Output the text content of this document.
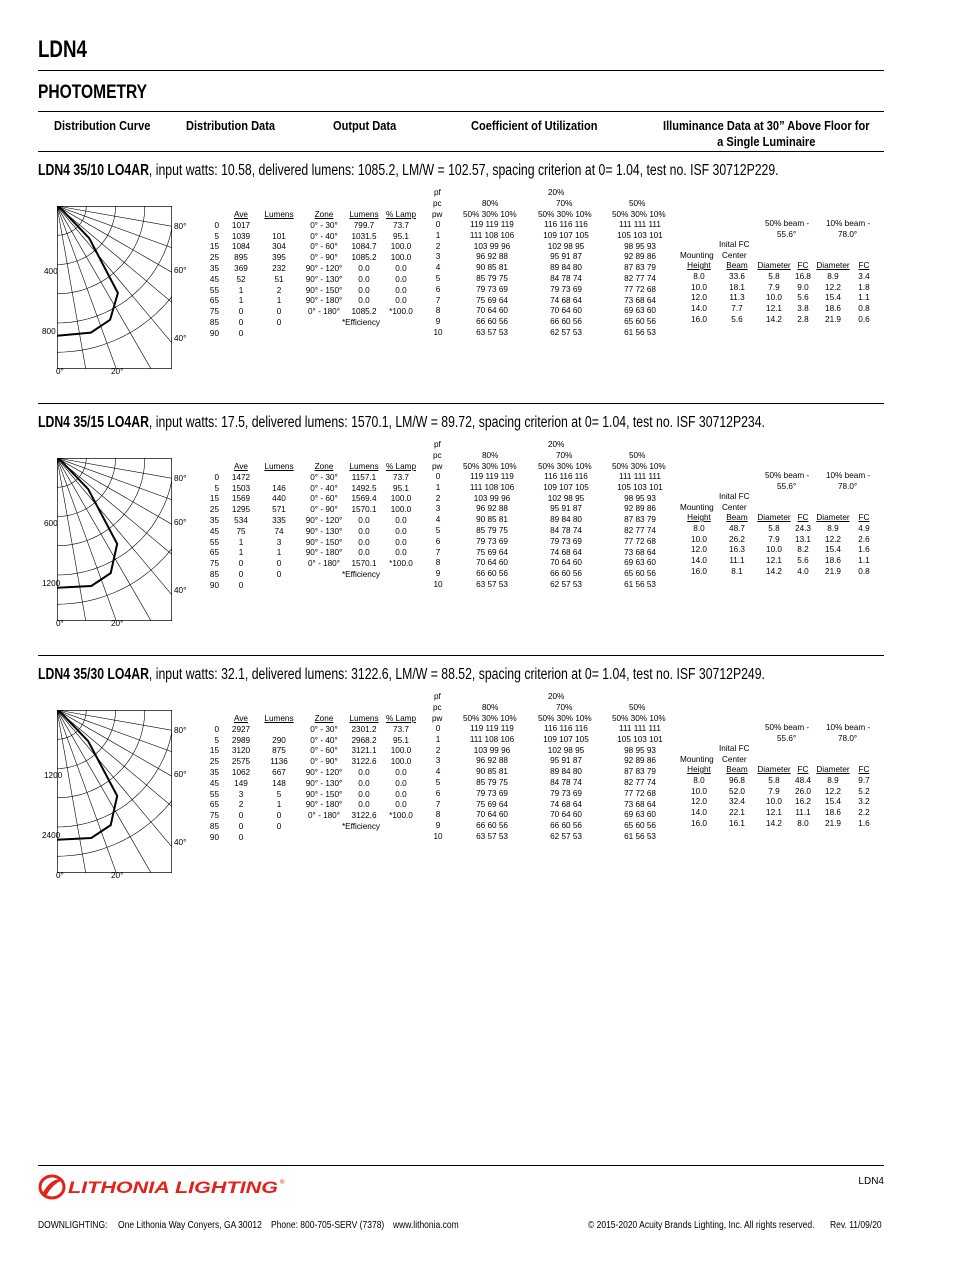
LDN4
PHOTOMETRY
Distribution Curve	Distribution Data	Output Data	Coefficient of Utilization	Illuminance Data at 30” Above Floor for
a Single Luminaire
LDN4 35/10 LO4AR, input watts: 10.58, delivered lumens: 1085.2, LM/W = 102.57, spacing criterion at 0= 1.04, test no. ISF 30712P229.
80°
60°
40°
0°	20°
400
800
	Ave	Lumens
0	1017	
5	1039	101
15	1084	304
25	895	395
35	369	232
45	52	51
55	1	2
65	1	1
75	0	0
85	0	0
90	0	
Zone	Lumens	% Lamp
0° - 30°	799.7	73.7
0° - 40°	1031.5	95.1
0° - 60°	1084.7	100.0
0° - 90°	1085.2	100.0
90° - 120°	0.0	0.0
90° - 130°	0.0	0.0
90° - 150°	0.0	0.0
90° - 180°	0.0	0.0
0° - 180°	1085.2	*100.0
*Efficiency		
pf
pc
pw
20%
80%
50% 30% 10%
70%
50% 30% 10%
50%
50% 30% 10%
0		119 119 119		116 116 116		111 111 111
1		111 108 106		109 107 105		105 103 101
2		103 99 96		102 98 95		98 95 93
3		96 92 88		95 91 87		92 89 86
4		90 85 81		89 84 80		87 83 79
5		85 79 75		84 78 74		82 77 74
6		79 73 69		79 73 69		77 72 68
7		75 69 64		74 68 64		73 68 64
8		70 64 60		70 64 60		69 63 60
9		66 60 56		66 60 56		65 60 56
10		63 57 53		62 57 53		61 56 53
50% beam -
55.6°
10% beam -
78.0°
Inital FC
Mounting Center
Height	Beam	Diameter	FC	Diameter	FC
8.0	33.6	5.8	16.8	8.9	3.4
10.0	18.1	7.9	9.0	12.2	1.8
12.0	11.3	10.0	5.6	15.4	1.1
14.0	7.7	12.1	3.8	18.6	0.8
16.0	5.6	14.2	2.8	21.9	0.6
LDN4 35/15 LO4AR, input watts: 17.5, delivered lumens: 1570.1, LM/W = 89.72, spacing criterion at 0= 1.04, test no. ISF 30712P234.
80°
60°
40°
0°	20°
600
1200
	Ave	Lumens
0	1472	
5	1503	146
15	1569	440
25	1295	571
35	534	335
45	75	74
55	1	3
65	1	1
75	0	0
85	0	0
90	0	
Zone	Lumens	% Lamp
0° - 30°	1157.1	73.7
0° - 40°	1492.5	95.1
0° - 60°	1569.4	100.0
0° - 90°	1570.1	100.0
90° - 120°	0.0	0.0
90° - 130°	0.0	0.0
90° - 150°	0.0	0.0
90° - 180°	0.0	0.0
0° - 180°	1570.1	*100.0
*Efficiency		
pf
pc
pw
20%
80%
50% 30% 10%
70%
50% 30% 10%
50%
50% 30% 10%
0		119 119 119		116 116 116		111 111 111
1		111 108 106		109 107 105		105 103 101
2		103 99 96		102 98 95		98 95 93
3		96 92 88		95 91 87		92 89 86
4		90 85 81		89 84 80		87 83 79
5		85 79 75		84 78 74		82 77 74
6		79 73 69		79 73 69		77 72 68
7		75 69 64		74 68 64		73 68 64
8		70 64 60		70 64 60		69 63 60
9		66 60 56		66 60 56		65 60 56
10		63 57 53		62 57 53		61 56 53
50% beam -
55.6°
10% beam -
78.0°
Inital FC
Mounting Center
Height	Beam	Diameter	FC	Diameter	FC
8.0	48.7	5.8	24.3	8.9	4.9
10.0	26.2	7.9	13.1	12.2	2.6
12.0	16.3	10.0	8.2	15.4	1.6
14.0	11.1	12.1	5.6	18.6	1.1
16.0	8.1	14.2	4.0	21.9	0.8
LDN4 35/30 LO4AR, input watts: 32.1, delivered lumens: 3122.6, LM/W = 88.52, spacing criterion at 0= 1.04, test no. ISF 30712P249.
80°
60°
40°
0°	20°
1200
2400
	Ave	Lumens
0	2927	
5	2989	290
15	3120	875
25	2575	1136
35	1062	667
45	149	148
55	3	5
65	2	1
75	0	0
85	0	0
90	0	
Zone	Lumens	% Lamp
0° - 30°	2301.2	73.7
0° - 40°	2968.2	95.1
0° - 60°	3121.1	100.0
0° - 90°	3122.6	100.0
90° - 120°	0.0	0.0
90° - 130°	0.0	0.0
90° - 150°	0.0	0.0
90° - 180°	0.0	0.0
0° - 180°	3122.6	*100.0
*Efficiency		
pf
pc
pw
20%
80%
50% 30% 10%
70%
50% 30% 10%
50%
50% 30% 10%
0		119 119 119		116 116 116		111 111 111
1		111 108 106		109 107 105		105 103 101
2		103 99 96		102 98 95		98 95 93
3		96 92 88		95 91 87		92 89 86
4		90 85 81		89 84 80		87 83 79
5		85 79 75		84 78 74		82 77 74
6		79 73 69		79 73 69		77 72 68
7		75 69 64		74 68 64		73 68 64
8		70 64 60		70 64 60		69 63 60
9		66 60 56		66 60 56		65 60 56
10		63 57 53		62 57 53		61 56 53
50% beam -
55.6°
10% beam -
78.0°
Inital FC
Mounting Center
Height	Beam	Diameter	FC	Diameter	FC
8.0	96.8	5.8	48.4	8.9	9.7
10.0	52.0	7.9	26.0	12.2	5.2
12.0	32.4	10.0	16.2	15.4	3.2
14.0	22.1	12.1	11.1	18.6	2.2
16.0	16.1	14.2	8.0	21.9	1.6
LITHONIA LIGHTING ®	LDN4
DOWNLIGHTING: One Lithonia Way Conyers, GA 30012 Phone: 800-705-SERV (7378) www.lithonia.com	© 2015-2020 Acuity Brands Lighting, Inc. All rights reserved. Rev. 11/09/20
